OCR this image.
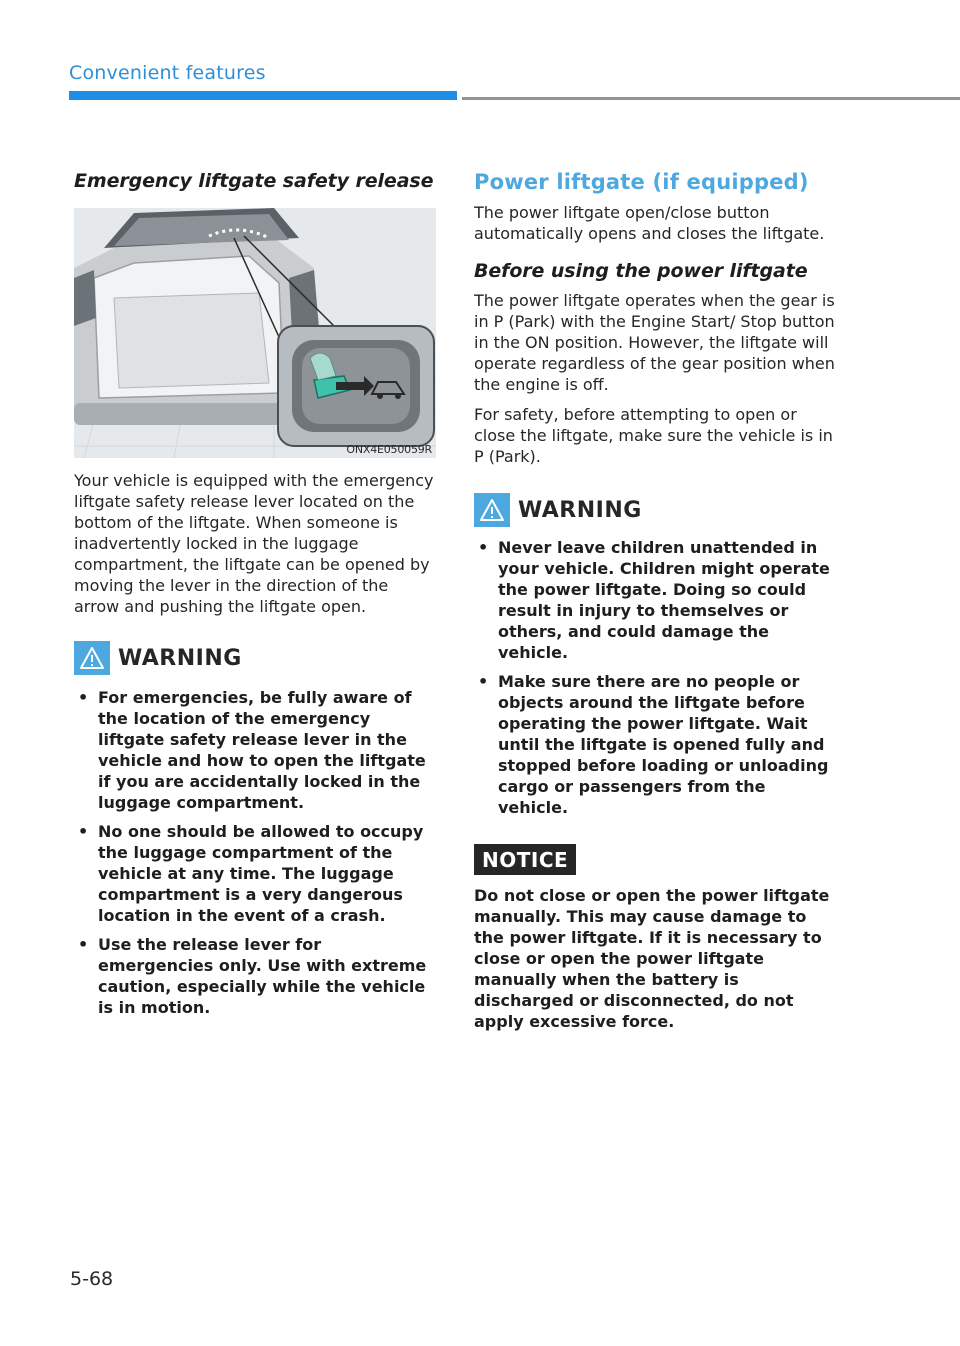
Convenient features
Emergency liftgate safety release
ONX4E050059R

Your vehicle is equipped with the emergency liftgate safety release lever located on the bottom of the liftgate. When someone is inadvertently locked in the luggage compartment, the liftgate can be opened by moving the lever in the direction of the arrow and pushing the liftgate open.

WARNING
• For emergencies, be fully aware of the location of the emergency liftgate safety release lever in the vehicle and how to open the liftgate if you are accidentally locked in the luggage compartment.
• No one should be allowed to occupy the luggage compartment of the vehicle at any time. The luggage compartment is a very dangerous location in the event of a crash.
• Use the release lever for emergencies only. Use with extreme caution, especially while the vehicle is in motion.
Power liftgate (if equipped)

The power liftgate open/close button automatically opens and closes the liftgate.

Before using the power liftgate

The power liftgate operates when the gear is in P (Park) with the Engine Start/ Stop button in the ON position. However, the liftgate will operate regardless of the gear position when the engine is off.

For safety, before attempting to open or close the liftgate, make sure the vehicle is in P (Park).

WARNING
• Never leave children unattended in your vehicle. Children might operate the power liftgate. Doing so could result in injury to themselves or others, and could damage the vehicle.
• Make sure there are no people or objects around the liftgate before operating the power liftgate. Wait until the liftgate is opened fully and stopped before loading or unloading cargo or passengers from the vehicle.
NOTICE

Do not close or open the power liftgate manually. This may cause damage to the power liftgate. If it is necessary to close or open the power liftgate manually when the battery is discharged or disconnected, do not apply excessive force.

5-68
